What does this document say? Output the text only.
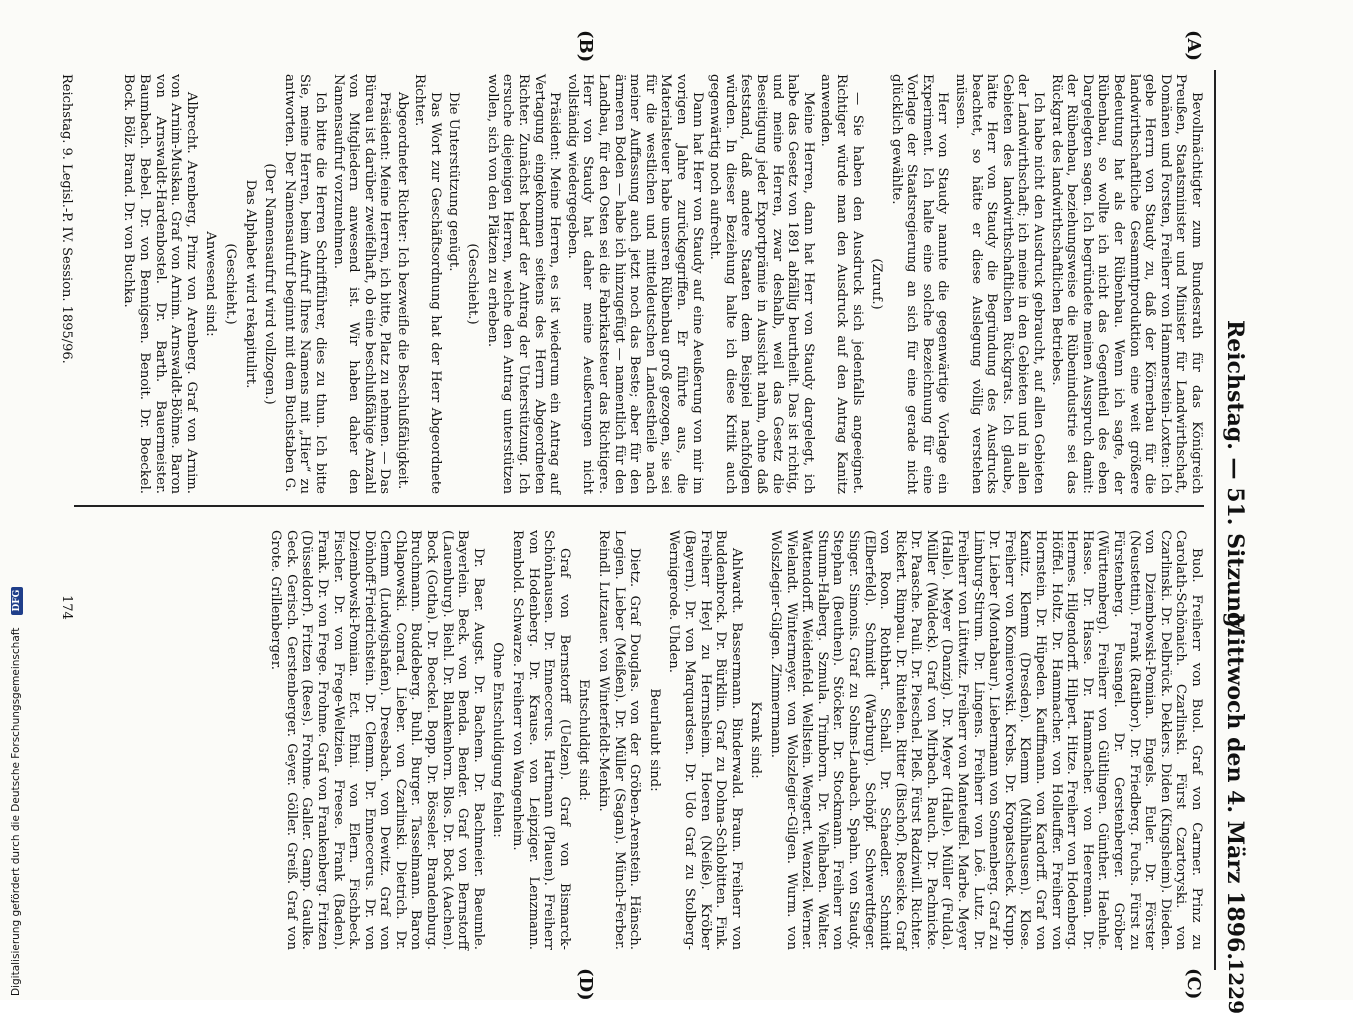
Reichstag. — 51. Sitzung.
Mittwoch den 4. März 1896.
1229
(A)
(B)
(C)
(D)

Bevollmächtigter zum Bundesrath für das Königreich Preußen, Staatsminister und Minister für Landwirthschaft, Domänen und Forsten, Freiherr von Hammerstein-Loxten: Ich gebe Herrn von Staudy zu, daß der Körnerbau für die landwirthschaftliche Gesammtproduktion eine weit größere Bedeutung hat als der Rübenbau. Wenn ich sagte, der Rübenbau, so wollte ich nicht das Gegentheil des eben Dargelegten sagen. Ich begründete meinen Ausspruch damit: der Rübenbau, beziehungsweise die Rübenindustrie sei das Rückgrat des landwirthschaftlichen Betriebes.

Ich habe nicht den Ausdruck gebraucht, auf allen Gebieten der Landwirthschaft; ich meine in den Gebieten und in allen Gebieten des landwirthschaftlichen Rückgrats. Ich glaube, hätte Herr von Staudy die Begründung des Ausdrucks beachtet, so hätte er diese Auslegung völlig verstehen müssen.

Herr von Staudy nannte die gegenwärtige Vorlage ein Experiment. Ich halte eine solche Bezeichnung für eine Vorlage der Staatsregierung an sich für eine gerade nicht glücklich gewählte.

(Zuruf.)

— Sie haben den Ausdruck sich jedenfalls angeeignet. Richtiger würde man den Ausdruck auf den Antrag Kanitz anwenden.

Meine Herren, dann hat Herr von Staudy dargelegt, ich habe das Gesetz von 1891 abfällig beurtheilt. Das ist richtig, und meine Herren, zwar deshalb, weil das Gesetz die Beseitigung jeder Exportprämie in Aussicht nahm, ohne daß feststand, daß andere Staaten dem Beispiel nachfolgen würden. In dieser Beziehung halte ich diese Kritik auch gegenwärtig noch aufrecht.

Dann hat Herr von Staudy auf eine Aeußerung von mir im vorigen Jahre zurückgegriffen. Er führte aus, die Materialsteuer habe unseren Rübenbau groß gezogen, sie sei für die westlichen und mitteldeutschen Landestheile nach meiner Auffassung auch jetzt noch das Beste; aber für den ärmeren Boden — habe ich hinzugefügt — namentlich für den Landbau, für den Osten sei die Fabrikatsteuer das Richtigere. Herr von Staudy hat daher meine Aeußerungen nicht vollständig wiedergegeben.

Präsident: Meine Herren, es ist wiederum ein Antrag auf Vertagung eingekommen seitens des Herrn Abgeordneten Richter. Zunächst bedarf der Antrag der Unterstützung. Ich ersuche diejenigen Herren, welche den Antrag unterstützen wollen, sich von den Plätzen zu erheben.

(Geschieht.)

Die Unterstützung genügt.

Das Wort zur Geschäftsordnung hat der Herr Abgeordnete Richter.

Abgeordneter Richter: Ich bezweifle die Beschlußfähigkeit.

Präsident: Meine Herren, ich bitte, Platz zu nehmen. — Das Büreau ist darüber zweifelhaft, ob eine beschlußfähige Anzahl von Mitgliedern anwesend ist. Wir haben daher den Namensaufruf vorzunehmen.

Ich bitte die Herren Schriftführer, dies zu thun. Ich bitte Sie, meine Herren, beim Aufruf Ihres Namens mit „Hier“ zu antworten. Der Namensaufruf beginnt mit dem Buchstaben G.

(Der Namensaufruf wird vollzogen.)

Das Alphabet wird rekapitulirt.

(Geschieht.)

Anwesend sind:

Albrecht. Arenberg, Prinz von Arenberg. Graf von Arnim. von Arnim-Muskau. Graf von Arnim. Arnswaldt-Böhme. Baron von Arnswaldt-Hardenbostel. Dr. Barth. Bauermeister. Baumbach. Bebel. Dr. von Bennigsen. Benoit. Dr. Boeckel. Bock. Bölz. Brand. Dr. von Buchka.

Buol. Freiherr von Buol. Graf von Carmer. Prinz zu Carolath-Schönaich. Czarlinski. Fürst Czartoryski. von Czarlinski. Dr. Delbrück. Deklers. Diden (Kingsheim). Dieden. von Dziembowski-Pomian. Engels. Euler. Dr. Förster (Neustettin). Frank (Ratibor). Dr. Friedberg. Fuchs. Fürst zu Fürstenberg. Fusangel. Dr. Gerstenberger. Gröber (Württemberg). Freiherr von Gültlingen. Günther. Haehnle. Hasse. Dr. Hasse. Dr. Hammacher. von Heereman. Dr. Hermes. Hilgendorff. Hilpert. Hitze. Freiherr von Hodenberg. Höffel. Holtz. Dr. Hammacher. von Holleuffer. Freiherr von Hornstein. Dr. Hüpeden. Kauffmann. von Kardorff. Graf von Kanitz. Klemm (Dresden). Klemm (Mühlhausen). Klose. Freiherr von Komierowski. Krebs. Dr. Kropatscheck. Krupp. Dr. Lieber (Montabaur). Liebermann von Sonnenberg. Graf zu Limburg-Stirum. Dr. Lingens. Freiherr von Loë. Lutz. Dr. Freiherr von Lüttwitz. Freiherr von Manteuffel. Marbe. Meyer (Halle). Meyer (Danzig). Dr. Meyer (Halle). Müller (Fulda). Müller (Waldeck). Graf von Mirbach. Rauch. Dr. Pachnicke. Dr. Paasche. Pauli. Dr. Pieschel. Pleß. Fürst Radziwill. Richter. Rickert. Rimpau. Dr. Rintelen. Ritter (Bischof). Roesicke. Graf von Roon. Rothbart. Schall. Dr. Schaedler. Schmidt (Elberfeld). Schmidt (Warburg). Schöpf. Schwerdtfeger. Singer. Simonis. Graf zu Solms-Laubach. Spahn. von Staudy. Stephan (Beuthen). Stöcker. Dr. Stockmann. Freiherr von Stumm-Halberg. Szmula. Trimborn. Dr. Vielhaben. Walter. Wattendorff. Weidenfeld. Wellstein. Wengert. Wenzel. Werner. Wielandt. Wintermeyer. von Wolszlegier-Gilgen. Wurm. von Wolszlegier-Gilgen. Zimmermann.

Krank sind:

Ahlwardt. Bassermann. Binderwald. Braun. Freiherr von Buddenbrock. Dr. Bürklin. Graf zu Dohna-Schlobitten. Fink. Freiherr Heyl zu Herrnsheim. Hoeren (Neiße). Kröber (Bayern). Dr. von Marquardsen. Dr. Udo Graf zu Stolberg-Wernigerode. Uhden.

Beurlaubt sind:

Dietz. Graf Douglas. von der Gröben-Arenstein. Hänsch. Legien. Lieber (Meißen). Dr. Müller (Sagan). Münch-Ferber. Reindl. Lutzauer. von Winterfeldt-Menkin.

Entschuldigt sind:

Graf von Bernstorff (Uelzen). Graf von Bismarck-Schönhausen. Dr. Enneccerus. Hartmann (Plauen). Freiherr von Hodenberg. Dr. Krause. von Leipziger. Lenzmann. Rembold. Schwarze. Freiherr von Wangenheim.

Ohne Entschuldigung fehlen:

Dr. Baer. Augst. Dr. Bachem. Dr. Bachmeier. Baeumle. Bayerlein. Beck. von Benda. Bender. Graf von Bernstorff (Lauenburg). Biehl. Dr. Blankenhorn. Blos. Dr. Bock (Aachen). Bock (Gotha). Dr. Boeckel. Bopp. Dr. Bösseler. Brandenburg. Bruchmann. Buddeberg. Buhl. Burger. Tasselmann. Baron Chlapowski. Conrad. Lieber. von Czarlinski. Dietrich. Dr. Clemm (Ludwigshafen). Dreesbach. von Dewitz. Graf von Dönhoff-Friedrichstein. Dr. Clemm. Dr. Enneccerus. Dr. von Dziembowski-Pomian. Ect. Ehni. von Elern. Fischbeck. Fischer. Dr. von Frege-Weltzien. Freese. Frank (Baden). Frank. Dr. von Frege. Frohme. Graf von Frankenberg. Fritzen (Düsseldorf). Fritzen (Rees). Frohme. Galler. Gamp. Gaulke. Geck. Gerisch. Gerstenberger. Geyer. Göller. Greiß. Graf von Grote. Grillenberger.

Reichstag. 9. Legisl.-P. IV. Session. 1895/96.
174
Digitalisierung gefördert durch die Deutsche Forschungsgemeinschaft DFG
